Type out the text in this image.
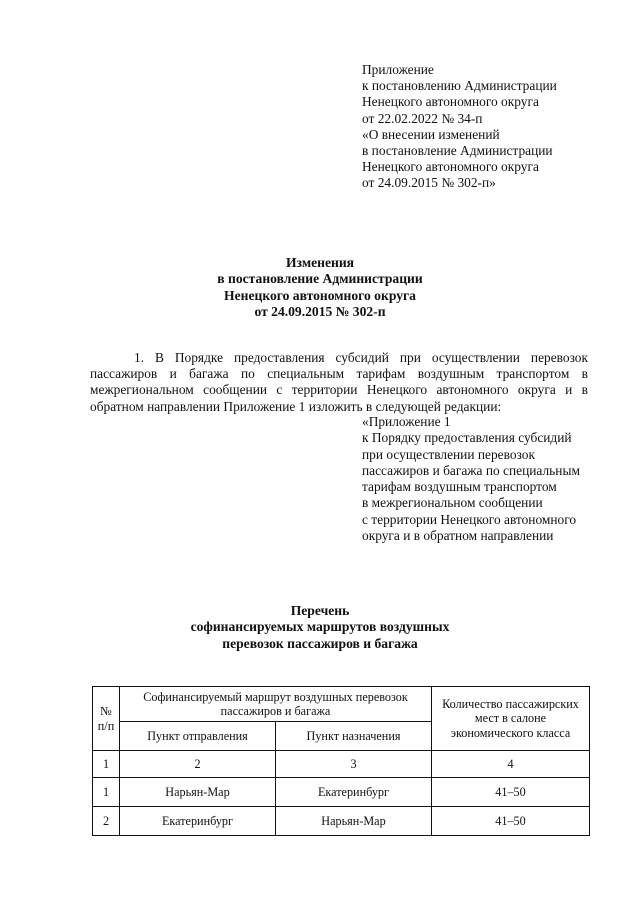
Приложение
к постановлению Администрации
Ненецкого автономного округа
от 22.02.2022 № 34-п
«О внесении изменений
в постановление Администрации
Ненецкого автономного округа
от 24.09.2015 № 302-п»
Изменения
в постановление Администрации
Ненецкого автономного округа
от 24.09.2015 № 302-п

1. В Порядке предоставления субсидий при осуществлении перевозок пассажиров и багажа по специальным тарифам воздушным транспортом в межрегиональном сообщении с территории Ненецкого автономного округа и в обратном направлении Приложение 1 изложить в следующей редакции:

«Приложение 1
к Порядку предоставления субсидий
при осуществлении перевозок
пассажиров и багажа по специальным
тарифам воздушным транспортом
в межрегиональном сообщении
с территории Ненецкого автономного
округа и в обратном направлении
Перечень
софинансируемых маршрутов воздушных
перевозок пассажиров и багажа
№
п/п	Софинансируемый маршрут воздушных перевозок пассажиров и багажа		Количество пассажирских мест в салоне экономического класса
	Пункт отправления	Пункт назначения	
1	2	3	4
1	Нарьян-Мар	Екатеринбург	41–50
2	Екатеринбург	Нарьян-Мар	41–50
